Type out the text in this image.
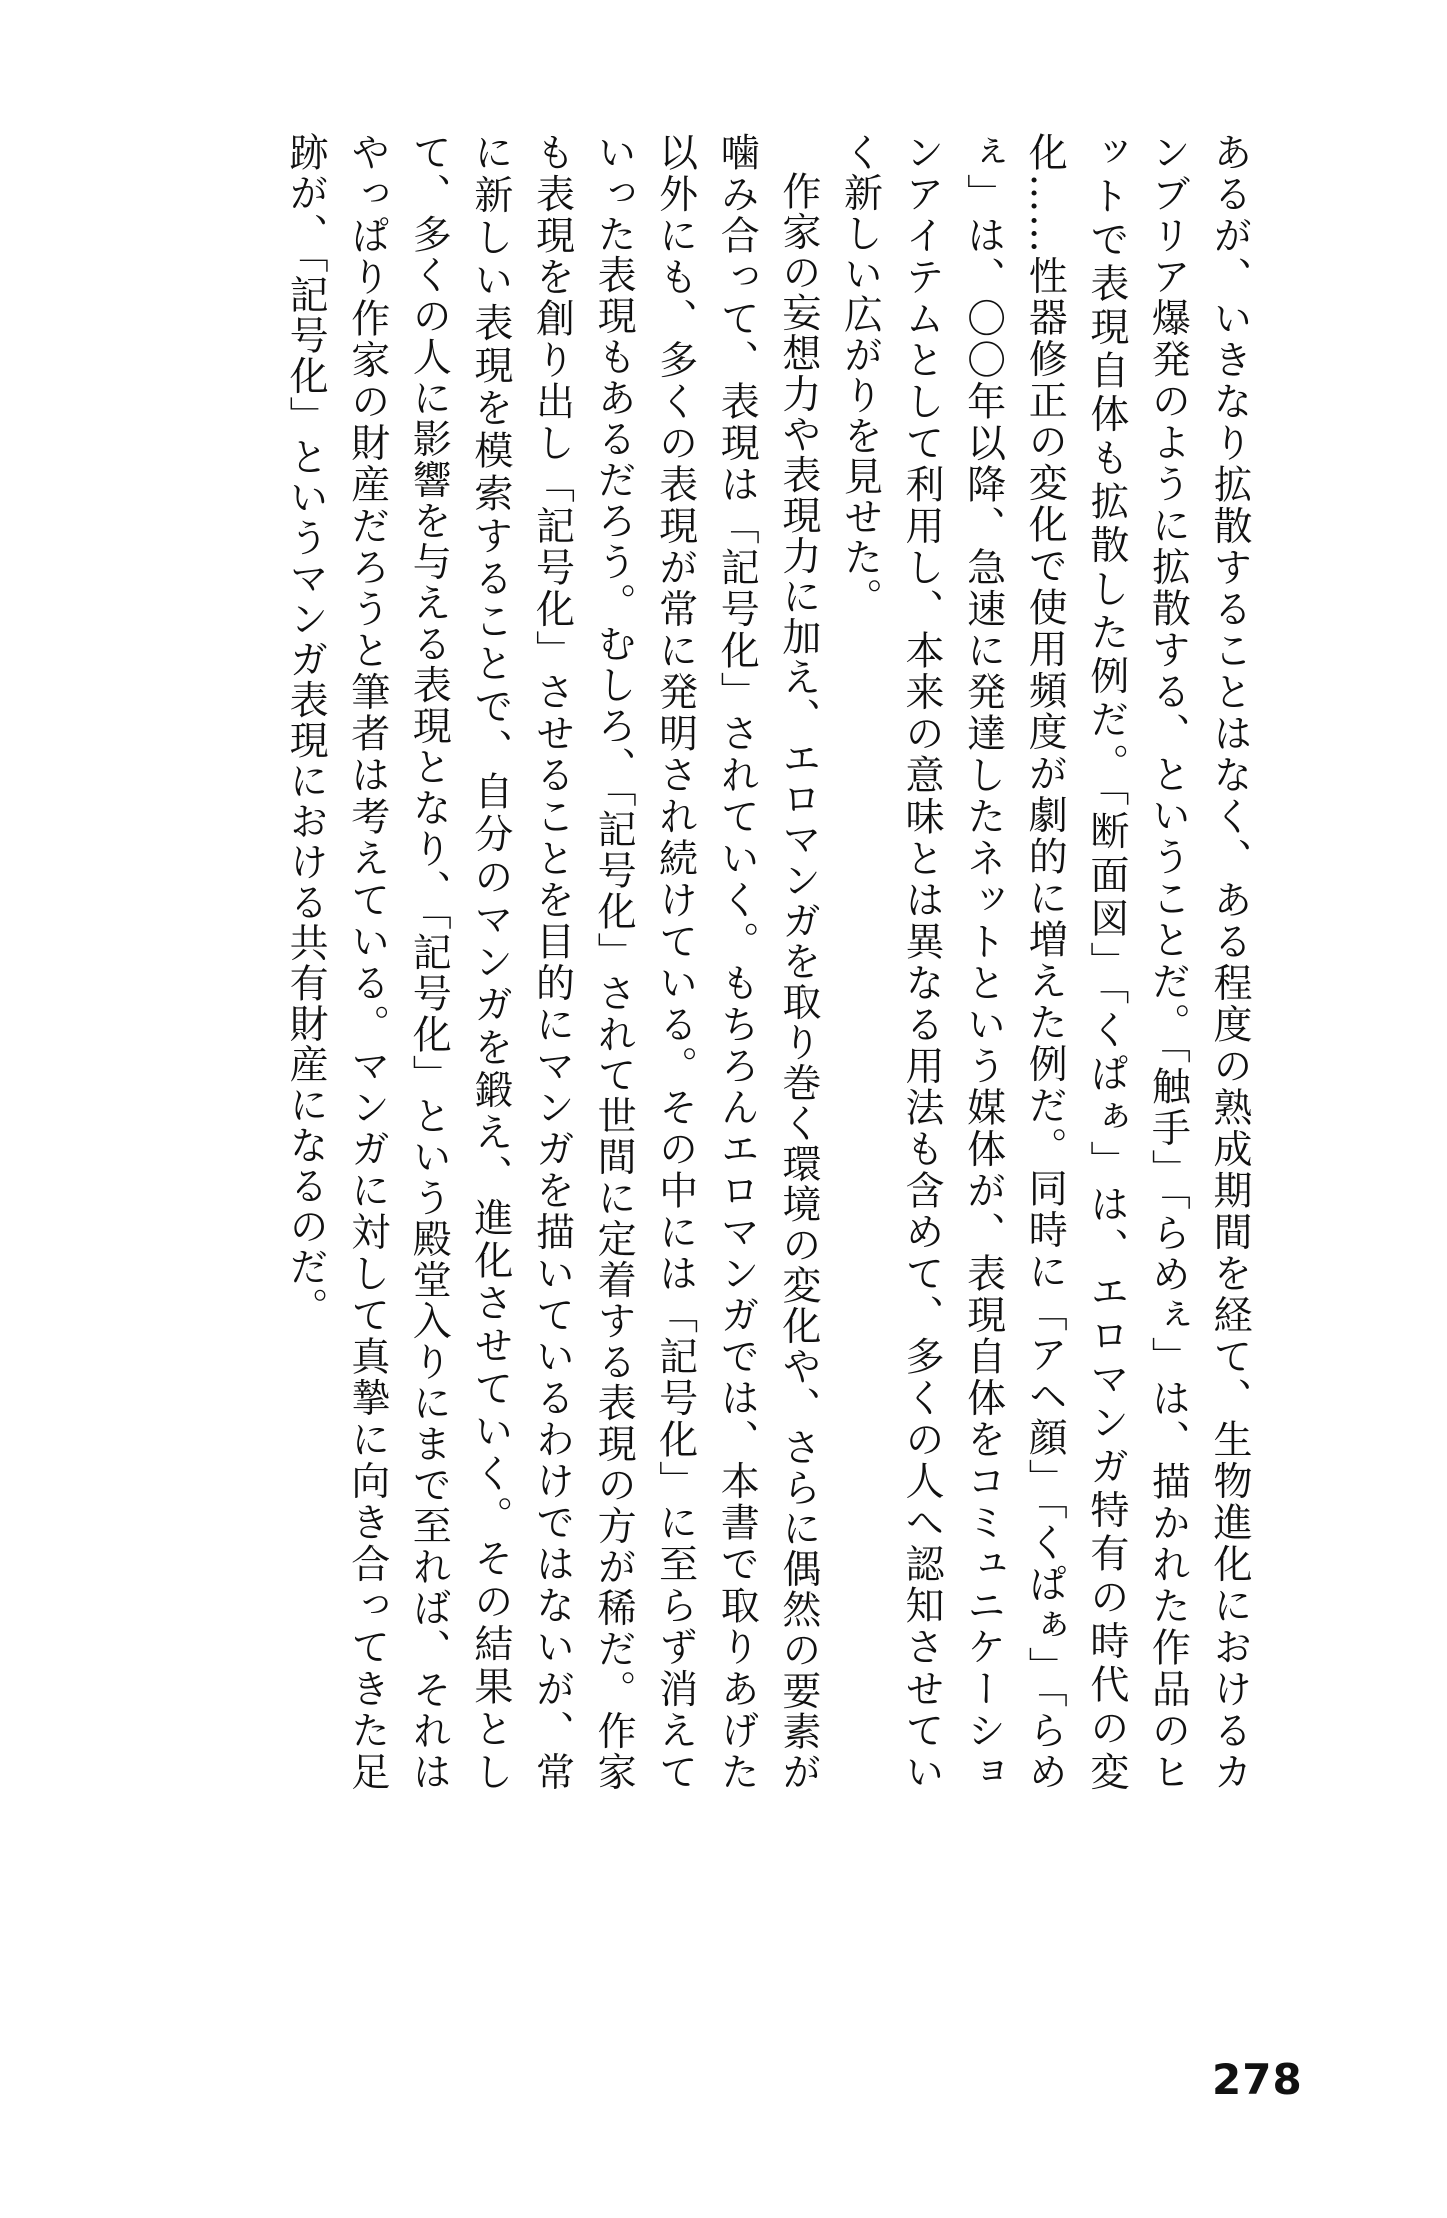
あるが、いきなり拡散することはなく、ある程度の熟成期間を経て、生物進化におけるカンブリア爆発のように拡散する、ということだ。「触手」「らめぇ」は、描かれた作品のヒットで表現自体も拡散した例だ。「断面図」「くぱぁ」は、エロマンガ特有の時代の変化……性器修正の変化で使用頻度が劇的に増えた例だ。同時に「アヘ顔」「くぱぁ」「らめぇ」は、〇〇年以降、急速に発達したネットという媒体が、表現自体をコミュニケーションアイテムとして利用し、本来の意味とは異なる用法も含めて、多くの人へ認知させていく新しい広がりを見せた。

作家の妄想力や表現力に加え、エロマンガを取り巻く環境の変化や、さらに偶然の要素が噛み合って、表現は「記号化」されていく。もちろんエロマンガでは、本書で取りあげた以外にも、多くの表現が常に発明され続けている。その中には「記号化」に至らず消えていった表現もあるだろう。むしろ、「記号化」されて世間に定着する表現の方が稀だ。作家も表現を創り出し「記号化」させることを目的にマンガを描いているわけではないが、常に新しい表現を模索することで、自分のマンガを鍛え、進化させていく。その結果として、多くの人に影響を与える表現となり、「記号化」という殿堂入りにまで至れば、それはやっぱり作家の財産だろうと筆者は考えている。マンガに対して真摯に向き合ってきた足跡が、「記号化」というマンガ表現における共有財産になるのだ。

278
